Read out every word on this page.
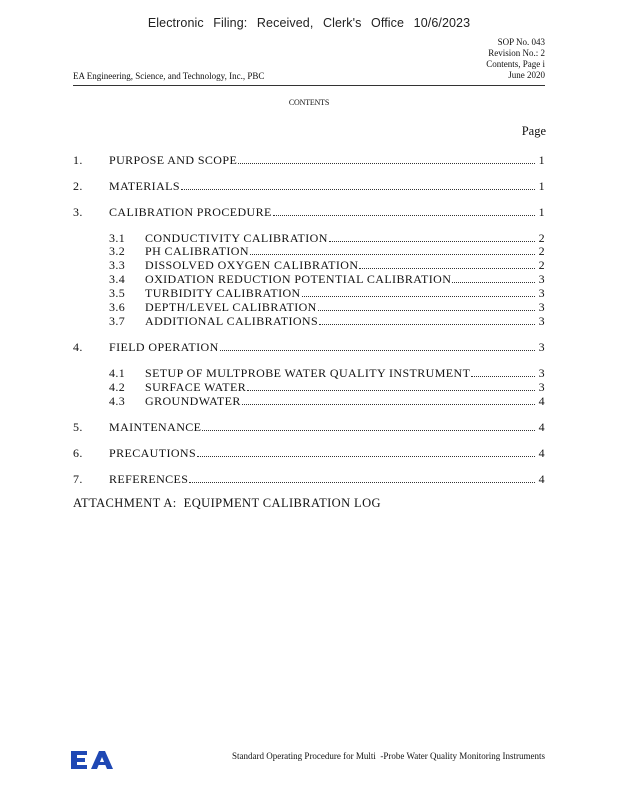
Electronic Filing: Received, Clerk's Office 10/6/2023
EA Engineering, Science, and Technology, Inc., PBC
SOP No. 043
Revision No.: 2
Contents, Page i
June 2020
CONTENTS
Page
1.	PURPOSE AND SCOPE	1
2.	MATERIALS	1
3.	CALIBRATION PROCEDURE	1
3.1	CONDUCTIVITY CALIBRATION	2
3.2	PH CALIBRATION	2
3.3	DISSOLVED OXYGEN CALIBRATION	2
3.4	OXIDATION REDUCTION POTENTIAL CALIBRATION	3
3.5	TURBIDITY CALIBRATION	3
3.6	DEPTH/LEVEL CALIBRATION	3
3.7	ADDITIONAL CALIBRATIONS	3
4.	FIELD OPERATION	3
4.1	SETUP OF MULTPROBE WATER QUALITY INSTRUMENT	3
4.2	SURFACE WATER	3
4.3	GROUNDWATER	4
5.	MAINTENANCE	4
6.	PRECAUTIONS	4
7.	REFERENCES	4
ATTACHMENT A:  EQUIPMENT CALIBRATION LOG
Standard Operating Procedure for Multi  -Probe Water Quality Monitoring Instruments
